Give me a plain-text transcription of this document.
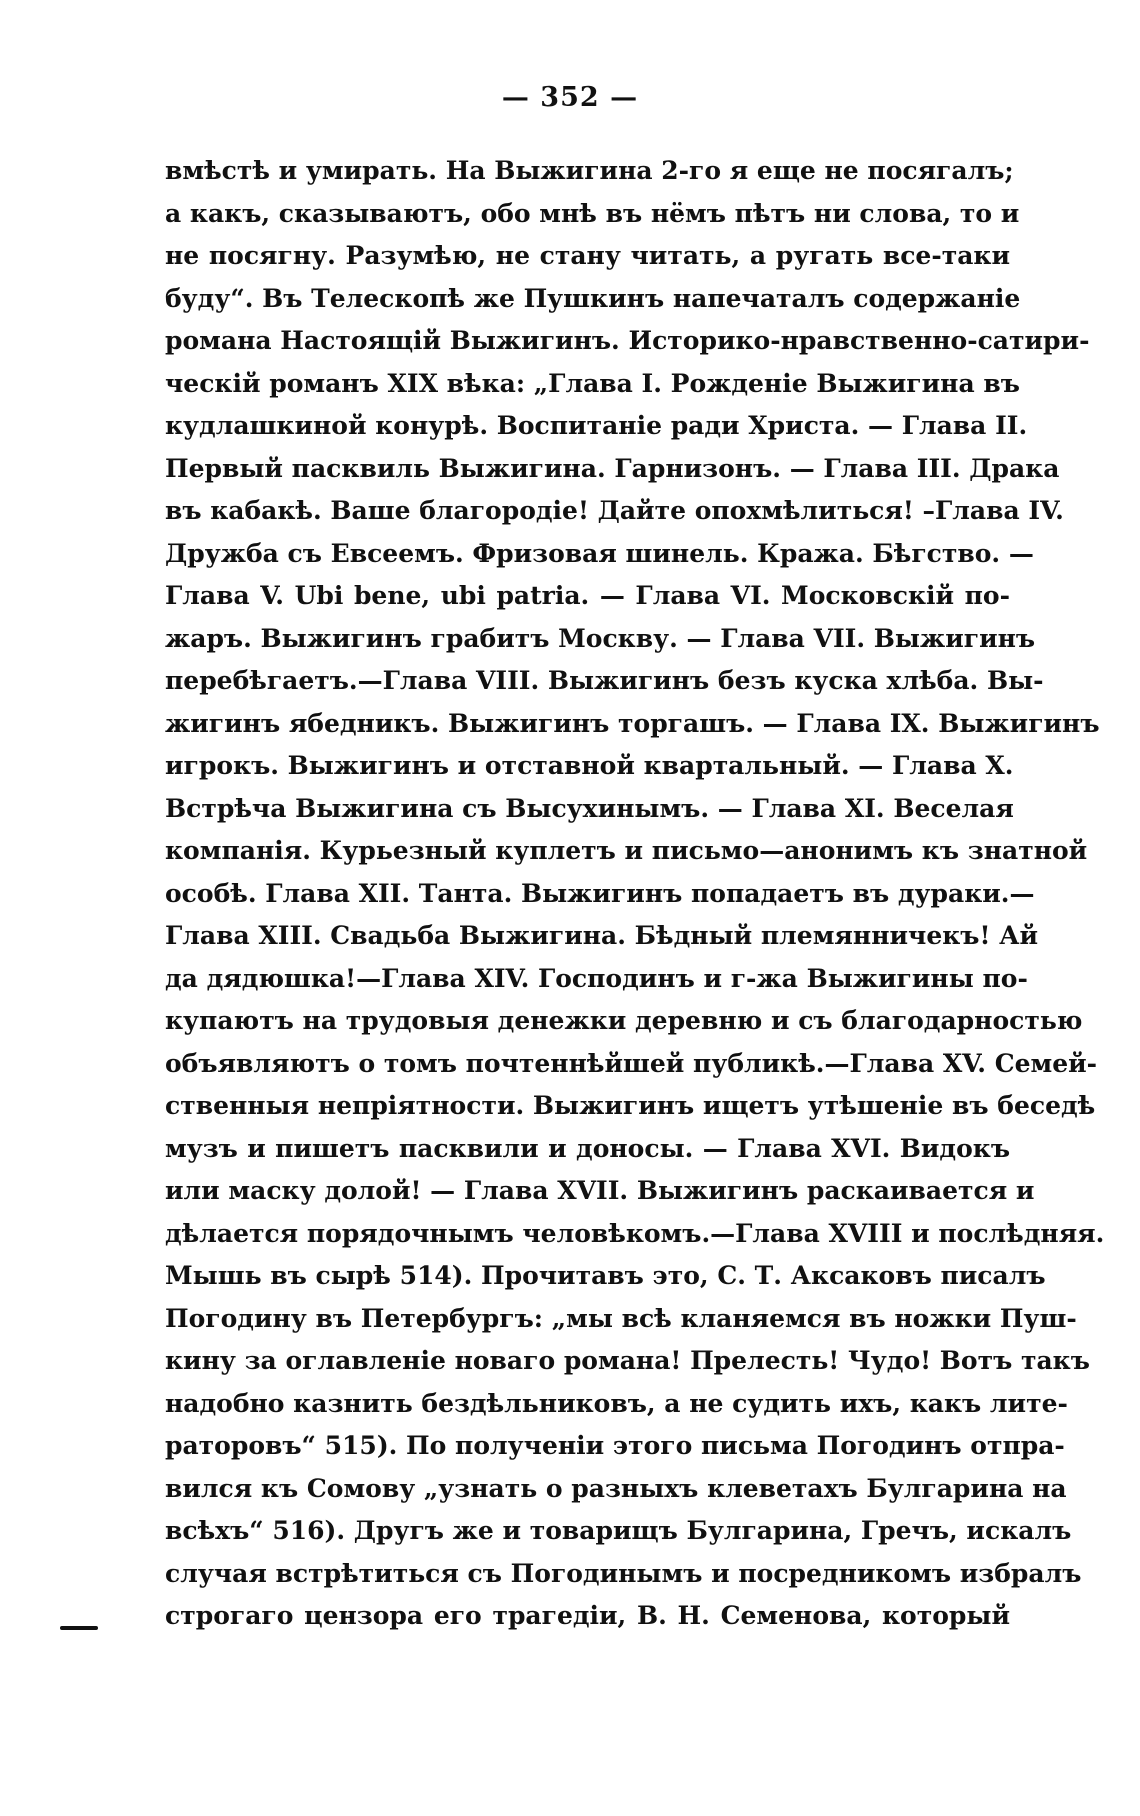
— 352 —
вмѣстѣ и умирать. На Выжигина 2-го я еще не посягалъ;
а какъ, сказываютъ, обо мнѣ въ нёмъ пѣтъ ни слова, то и
не посягну. Разумѣю, не стану читать, а ругать все-таки
буду“. Въ Телескопѣ же Пушкинъ напечаталъ содержаніе
романа Настоящій Выжигинъ. Историко-нравственно-сатири-
ческій романъ XIX вѣка: „Глава I. Рожденіе Выжигина въ
кудлашкиной конурѣ. Воспитаніе ради Христа. — Глава II.
Первый пасквиль Выжигина. Гарнизонъ. — Глава III. Драка
въ кабакѣ. Ваше благородіе! Дайте опохмѣлиться! –Глава IV.
Дружба съ Евсеемъ. Фризовая шинель. Кража. Бѣгство. —
Глава V. Ubi bene, ubi patria. — Глава VI. Московскій по-
жаръ. Выжигинъ грабитъ Москву. — Глава VII. Выжигинъ
перебѣгаетъ.—Глава VIII. Выжигинъ безъ куска хлѣба. Вы-
жигинъ ябедникъ. Выжигинъ торгашъ. — Глава IX. Выжигинъ
игрокъ. Выжигинъ и отставной квартальный. — Глава X.
Встрѣча Выжигина съ Высухинымъ. — Глава XI. Веселая
компанія. Курьезный куплетъ и письмо—анонимъ къ знатной
особѣ. Глава XII. Танта. Выжигинъ попадаетъ въ дураки.—
Глава XIII. Свадьба Выжигина. Бѣдный племянничекъ! Ай
да дядюшка!—Глава XIV. Господинъ и г-жа Выжигины по-
купаютъ на трудовыя денежки деревню и съ благодарностью
объявляютъ о томъ почтеннѣйшей публикѣ.—Глава XV. Семей-
ственныя непріятности. Выжигинъ ищетъ утѣшеніе въ беседѣ
музъ и пишетъ пасквили и доносы. — Глава XVI. Видокъ
или маску долой! — Глава XVII. Выжигинъ раскаивается и
дѣлается порядочнымъ человѣкомъ.—Глава XVIII и послѣдняя.
Мышь въ сырѣ 514). Прочитавъ это, С. Т. Аксаковъ писалъ
Погодину въ Петербургъ: „мы всѣ кланяемся въ ножки Пуш-
кину за оглавленіе новаго романа! Прелесть! Чудо! Вотъ такъ
надобно казнить бездѣльниковъ, а не судить ихъ, какъ лите-
раторовъ“ 515). По полученіи этого письма Погодинъ отпра-
вился къ Сомову „узнать о разныхъ клеветахъ Булгарина на
всѣхъ“ 516). Другъ же и товарищъ Булгарина, Гречъ, искалъ
случая встрѣтиться съ Погодинымъ и посредникомъ избралъ
строгаго цензора его трагедіи, В. Н. Семенова, который
